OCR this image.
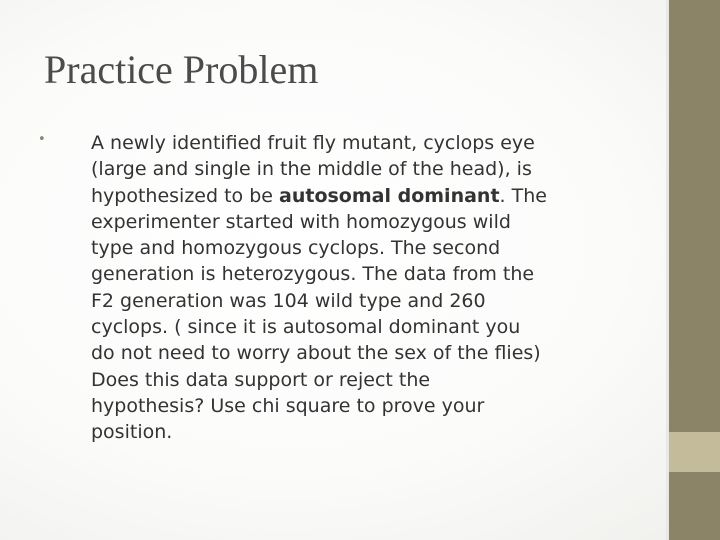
Practice Problem
• A newly identified fruit fly mutant, cyclops eye
(large and single in the middle of the head), is
hypothesized to be autosomal dominant. The
experimenter started with homozygous wild
type and homozygous cyclops. The second
generation is heterozygous. The data from the
F2 generation was 104 wild type and 260
cyclops. ( since it is autosomal dominant you
do not need to worry about the sex of the flies)
Does this data support or reject the
hypothesis? Use chi square to prove your
position.
